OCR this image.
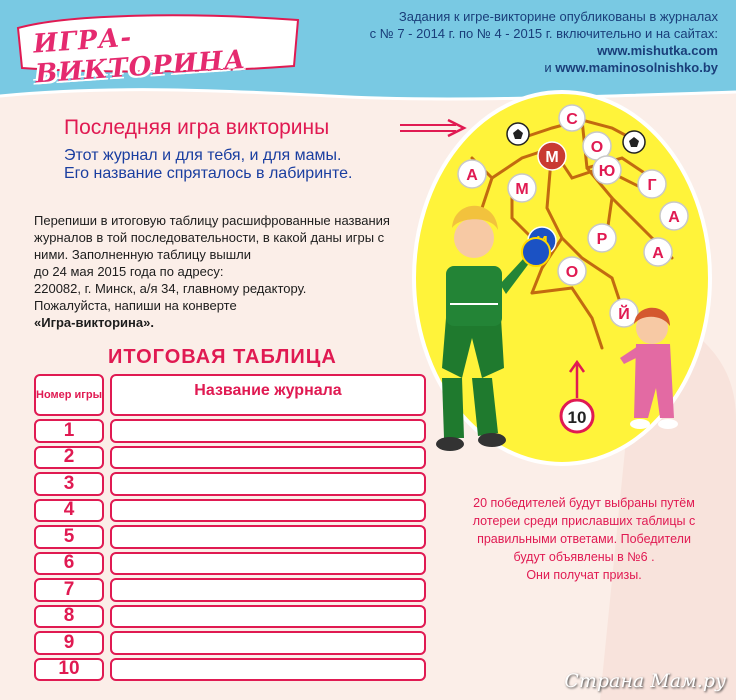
ИГРА-ВИКТОРИНА
Задания к игре-викторине опубликованы в журналах
с № 7 - 2014 г. по № 4 - 2015 г. включительно и на сайтах:
www.mishutka.com
и www.maminosolnishko.by
Последняя игра викторины
Этот журнал и для тебя, и для мамы.
Его название спряталось в лабиринте.
Перепиши в итоговую таблицу расшифрованные названия
журналов в той последовательности, в какой даны игры с
ними. Заполненную таблицу вышли
до 24 мая 2015 года по адресу:
220082, г. Минск, а/я 34, главному редактору.
Пожалуйста, напиши на конверте
«Игра-викторина».
ИТОГОВАЯ ТАБЛИЦА
Номер игры	Название журнала
1
2
3
4
5
6
7
8
9
10
С
М
О
Г
Ю
А
М
Р
А
Й
О
А
10
20 победителей будут выбраны путём
лотереи среди приславших таблицы с
правильными ответами. Победители
будут объявлены в №6 .
Они получат призы.
Страна Мам.ру
